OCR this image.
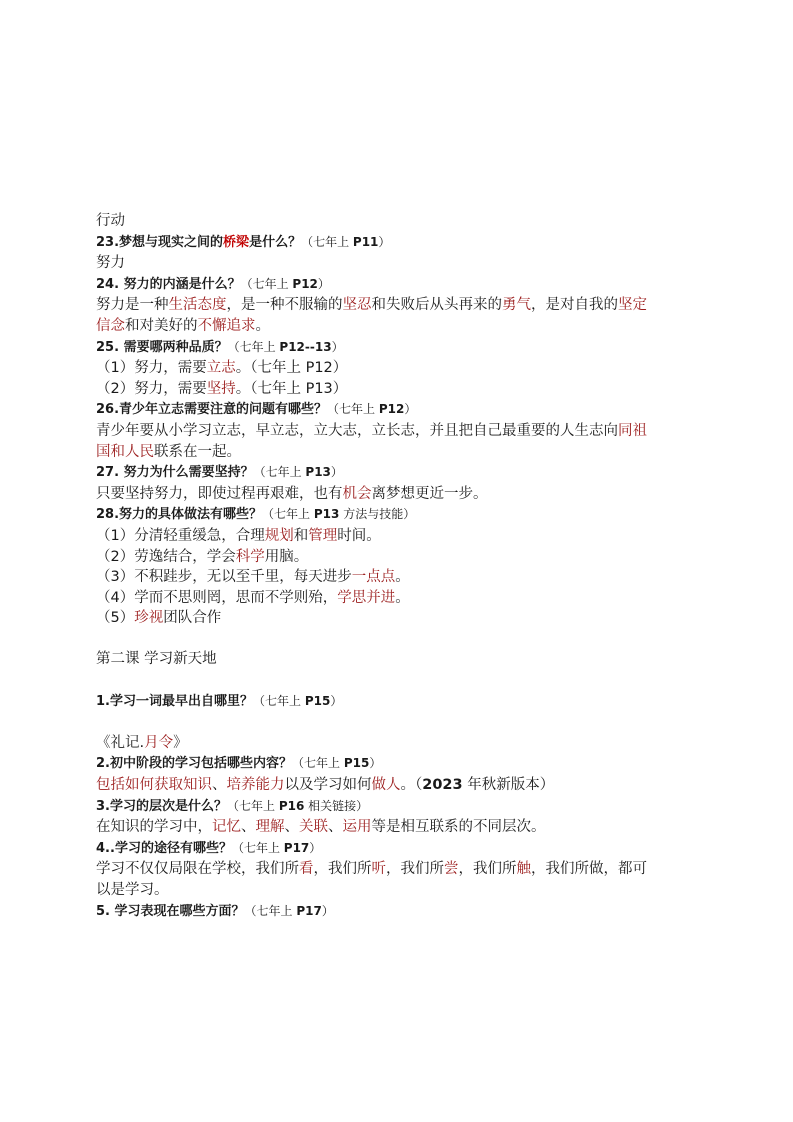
行动
23.梦想与现实之间的桥梁是什么？（七年上 P11）
努力
24. 努力的内涵是什么？（七年上 P12）
努力是一种生活态度，是一种不服输的坚忍和失败后从头再来的勇气，是对自我的坚定
信念和对美好的不懈追求。
25. 需要哪两种品质？（七年上 P12--13）
（1）努力，需要立志。（七年上 P12）
（2）努力，需要坚持。（七年上 P13）
26.青少年立志需要注意的问题有哪些？（七年上 P12）
青少年要从小学习立志，早立志，立大志，立长志，并且把自己最重要的人生志向同祖
国和人民联系在一起。
27. 努力为什么需要坚持？（七年上 P13）
只要坚持努力，即使过程再艰难，也有机会离梦想更近一步。
28.努力的具体做法有哪些？（七年上 P13 方法与技能）
（1）分清轻重缓急，合理规划和管理时间。
（2）劳逸结合，学会科学用脑。
（3）不积跬步，无以至千里，每天进步一点点。
（4）学而不思则罔，思而不学则殆，学思并进。
（5）珍视团队合作
第二课 学习新天地
1.学习一词最早出自哪里？（七年上 P15）
《礼记.月令》
2.初中阶段的学习包括哪些内容？（七年上 P15）
包括如何获取知识、培养能力以及学习如何做人。（2023 年秋新版本）
3.学习的层次是什么？（七年上 P16 相关链接）
在知识的学习中，记忆、理解、关联、运用等是相互联系的不同层次。
4..学习的途径有哪些？（七年上 P17）
学习不仅仅局限在学校，我们所看，我们所听，我们所尝，我们所触，我们所做，都可
以是学习。
5. 学习表现在哪些方面？（七年上 P17）
